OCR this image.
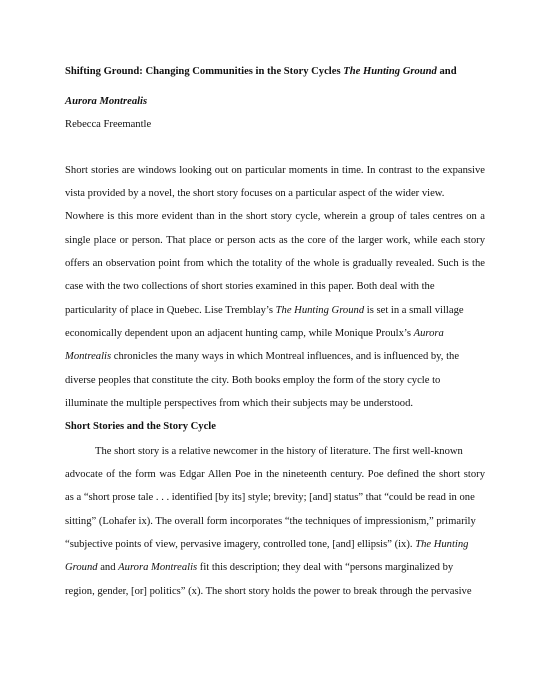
Shifting Ground: Changing Communities in the Story Cycles The Hunting Ground and
Aurora Montrealis
Rebecca Freemantle
Short stories are windows looking out on particular moments in time. In contrast to the expansive
vista provided by a novel, the short story focuses on a particular aspect of the wider view.
Nowhere is this more evident than in the short story cycle, wherein a group of tales centres on a
single place or person. That place or person acts as the core of the larger work, while each story
offers an observation point from which the totality of the whole is gradually revealed. Such is the
case with the two collections of short stories examined in this paper. Both deal with the
particularity of place in Quebec. Lise Tremblay’s The Hunting Ground is set in a small village
economically dependent upon an adjacent hunting camp, while Monique Proulx’s Aurora
Montrealis chronicles the many ways in which Montreal influences, and is influenced by, the
diverse peoples that constitute the city. Both books employ the form of the story cycle to
illuminate the multiple perspectives from which their subjects may be understood.
Short Stories and the Story Cycle
The short story is a relative newcomer in the history of literature. The first well-known
advocate of the form was Edgar Allen Poe in the nineteenth century. Poe defined the short story
as a “short prose tale . . . identified [by its] style; brevity; [and] status” that “could be read in one
sitting” (Lohafer ix). The overall form incorporates “the techniques of impressionism,” primarily
“subjective points of view, pervasive imagery, controlled tone, [and] ellipsis” (ix). The Hunting
Ground and Aurora Montrealis fit this description; they deal with “persons marginalized by
region, gender, [or] politics” (x). The short story holds the power to break through the pervasive
